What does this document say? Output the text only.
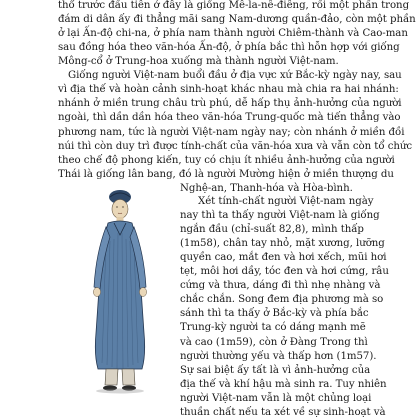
thổ trước đầu tiên ở đây là giống Mê-la-nê-điêng, rồi một phần trong
đám di dân ấy đi thẳng mãi sang Nam-dương quần-đảo, còn một phần
ở lại Ấn-độ chi-na, ở phía nam thành người Chiêm-thành và Cao-man
sau đồng hóa theo văn-hóa Ấn-độ, ở phía bắc thì hỗn hợp với giống
Mông-cổ ở Trung-hoa xuống mà thành người Việt-nam.
Giống người Việt-nam buổi đầu ở địa vực xứ Bắc-kỳ ngày nay, sau
vì địa thế và hoàn cảnh sinh-hoạt khác nhau mà chia ra hai nhánh:
nhánh ở miền trung châu trù phú, dễ hấp thụ ảnh-hưởng của người
ngoài, thì dần dần hóa theo văn-hóa Trung-quốc mà tiến thẳng vào
phương nam, tức là người Việt-nam ngày nay; còn nhánh ở miền đồi
núi thì còn duy trì được tính-chất của văn-hóa xưa và vẫn còn tổ chức
theo chế độ phong kiến, tuy có chịu ít nhiều ảnh-hưởng của người
Thái là giống lân bang, đó là người Mường hiện ở miền thượng du
Nghệ-an, Thanh-hóa và Hòa-bình.
Xét tính-chất người Việt-nam ngày
nay thì ta thấy người Việt-nam là giống
ngắn đầu (chỉ-suất 82,8), mình thấp
(1m58), chân tay nhỏ, mặt xương, lưỡng
quyền cao, mắt đen và hơi xếch, mũi hơi
tẹt, môi hơi dầy, tóc đen và hơi cứng, râu
cứng và thưa, dáng đi thì nhẹ nhàng và
chắc chắn. Song đem địa phương mà so
sánh thì ta thấy ở Bắc-kỳ và phía bắc
Trung-kỳ người ta có dáng mạnh mẽ
và cao (1m59), còn ở Đàng Trong thì
người thường yếu và thấp hơn (1m57).
Sự sai biệt ấy tất là vì ảnh-hưởng của
địa thế và khí hậu mà sinh ra. Tuy nhiên
người Việt-nam vẫn là một chủng loại
thuần chất nếu ta xét về sự sinh-hoạt và
